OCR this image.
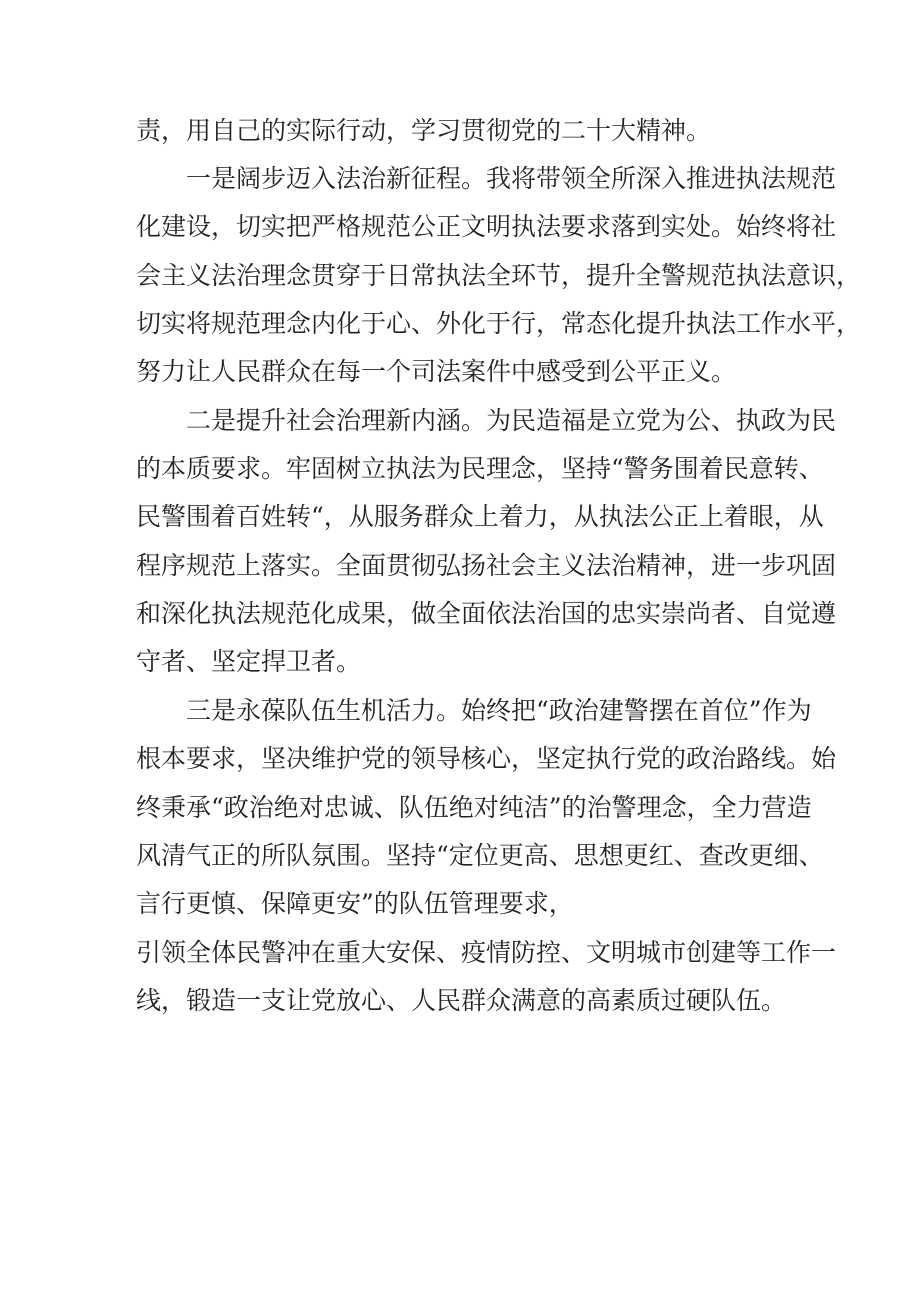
责，用自己的实际行动，学习贯彻党的二十大精神。
一是阔步迈入法治新征程。我将带领全所深入推进执法规范
化建设，切实把严格规范公正文明执法要求落到实处。始终将社
会主义法治理念贯穿于日常执法全环节，提升全警规范执法意识，
切实将规范理念内化于心、外化于行，常态化提升执法工作水平，
努力让人民群众在每一个司法案件中感受到公平正义。
二是提升社会治理新内涵。为民造福是立党为公、执政为民
的本质要求。牢固树立执法为民理念，坚持“警务围着民意转、
民警围着百姓转“，从服务群众上着力，从执法公正上着眼，从
程序规范上落实。全面贯彻弘扬社会主义法治精神，进一步巩固
和深化执法规范化成果，做全面依法治国的忠实崇尚者、自觉遵
守者、坚定捍卫者。
三是永葆队伍生机活力。始终把“政治建警摆在首位”作为
根本要求，坚决维护党的领导核心，坚定执行党的政治路线。始
终秉承“政治绝对忠诚、队伍绝对纯洁”的治警理念，全力营造
风清气正的所队氛围。坚持“定位更高、思想更红、查改更细、
言行更慎、保障更安”的队伍管理要求，
引领全体民警冲在重大安保、疫情防控、文明城市创建等工作一
线，锻造一支让党放心、人民群众满意的高素质过硬队伍。
